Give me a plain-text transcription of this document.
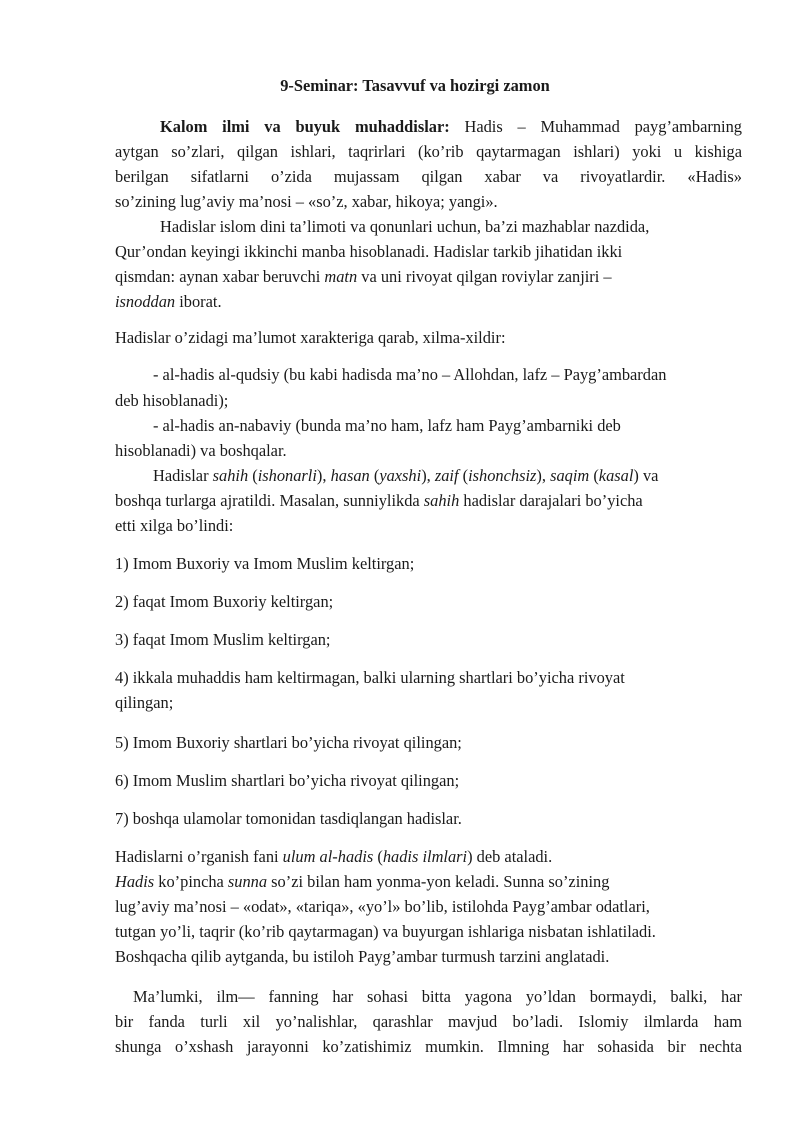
9-Seminar: Tasavvuf va hozirgi zamon
Kalom ilmi va buyuk muhaddislar: Hadis – Muhammad payg’ambarning
aytgan so’zlari, qilgan ishlari, taqrirlari (ko’rib qaytarmagan ishlari) yoki u kishiga
berilgan sifatlarni o’zida mujassam qilgan xabar va rivoyatlardir. «Hadis»
so’zining lug’aviy ma’nosi – «so’z, xabar, hikoya; yangi».
Hadislar islom dini ta’limoti va qonunlari uchun, ba’zi mazhablar nazdida,
Qur’ondan keyingi ikkinchi manba hisoblanadi. Hadislar tarkib jihatidan ikki
qismdan: aynan xabar beruvchi matn va uni rivoyat qilgan roviylar zanjiri –
isnoddan iborat.
Hadislar o’zidagi ma’lumot xarakteriga qarab, xilma-xildir:
- al-hadis al-qudsiy (bu kabi hadisda ma’no – Allohdan, lafz – Payg’ambardan
deb hisoblanadi);
- al-hadis an-nabaviy (bunda ma’no ham, lafz ham Payg’ambarniki deb
hisoblanadi) va boshqalar.
Hadislar sahih (ishonarli), hasan (yaxshi), zaif (ishonchsiz), saqim (kasal) va
boshqa turlarga ajratildi. Masalan, sunniylikda sahih hadislar darajalari bo’yicha
etti xilga bo’lindi:
1) Imom Buxoriy va Imom Muslim keltirgan;
2) faqat Imom Buxoriy keltirgan;
3) faqat Imom Muslim keltirgan;
4) ikkala muhaddis ham keltirmagan, balki ularning shartlari bo’yicha rivoyat
qilingan;
5) Imom Buxoriy shartlari bo’yicha rivoyat qilingan;
6) Imom Muslim shartlari bo’yicha rivoyat qilingan;
7) boshqa ulamolar tomonidan tasdiqlangan hadislar.
Hadislarni o’rganish fani ulum al-hadis (hadis ilmlari) deb ataladi.
Hadis ko’pincha sunna so’zi bilan ham yonma-yon keladi. Sunna so’zining
lug’aviy ma’nosi – «odat», «tariqa», «yo’l» bo’lib, istilohda Payg’ambar odatlari,
tutgan yo’li, taqrir (ko’rib qaytarmagan) va buyurgan ishlariga nisbatan ishlatiladi.
Boshqacha qilib aytganda, bu istiloh Payg’ambar turmush tarzini anglatadi.
Ma’lumki, ilm— fanning har sohasi bitta yagona yo’ldan bormaydi, balki, har
bir fanda turli xil yo’nalishlar, qarashlar mavjud bo’ladi. Islomiy ilmlarda ham
shunga o’xshash jarayonni ko’zatishimiz mumkin. Ilmning har sohasida bir nechta
